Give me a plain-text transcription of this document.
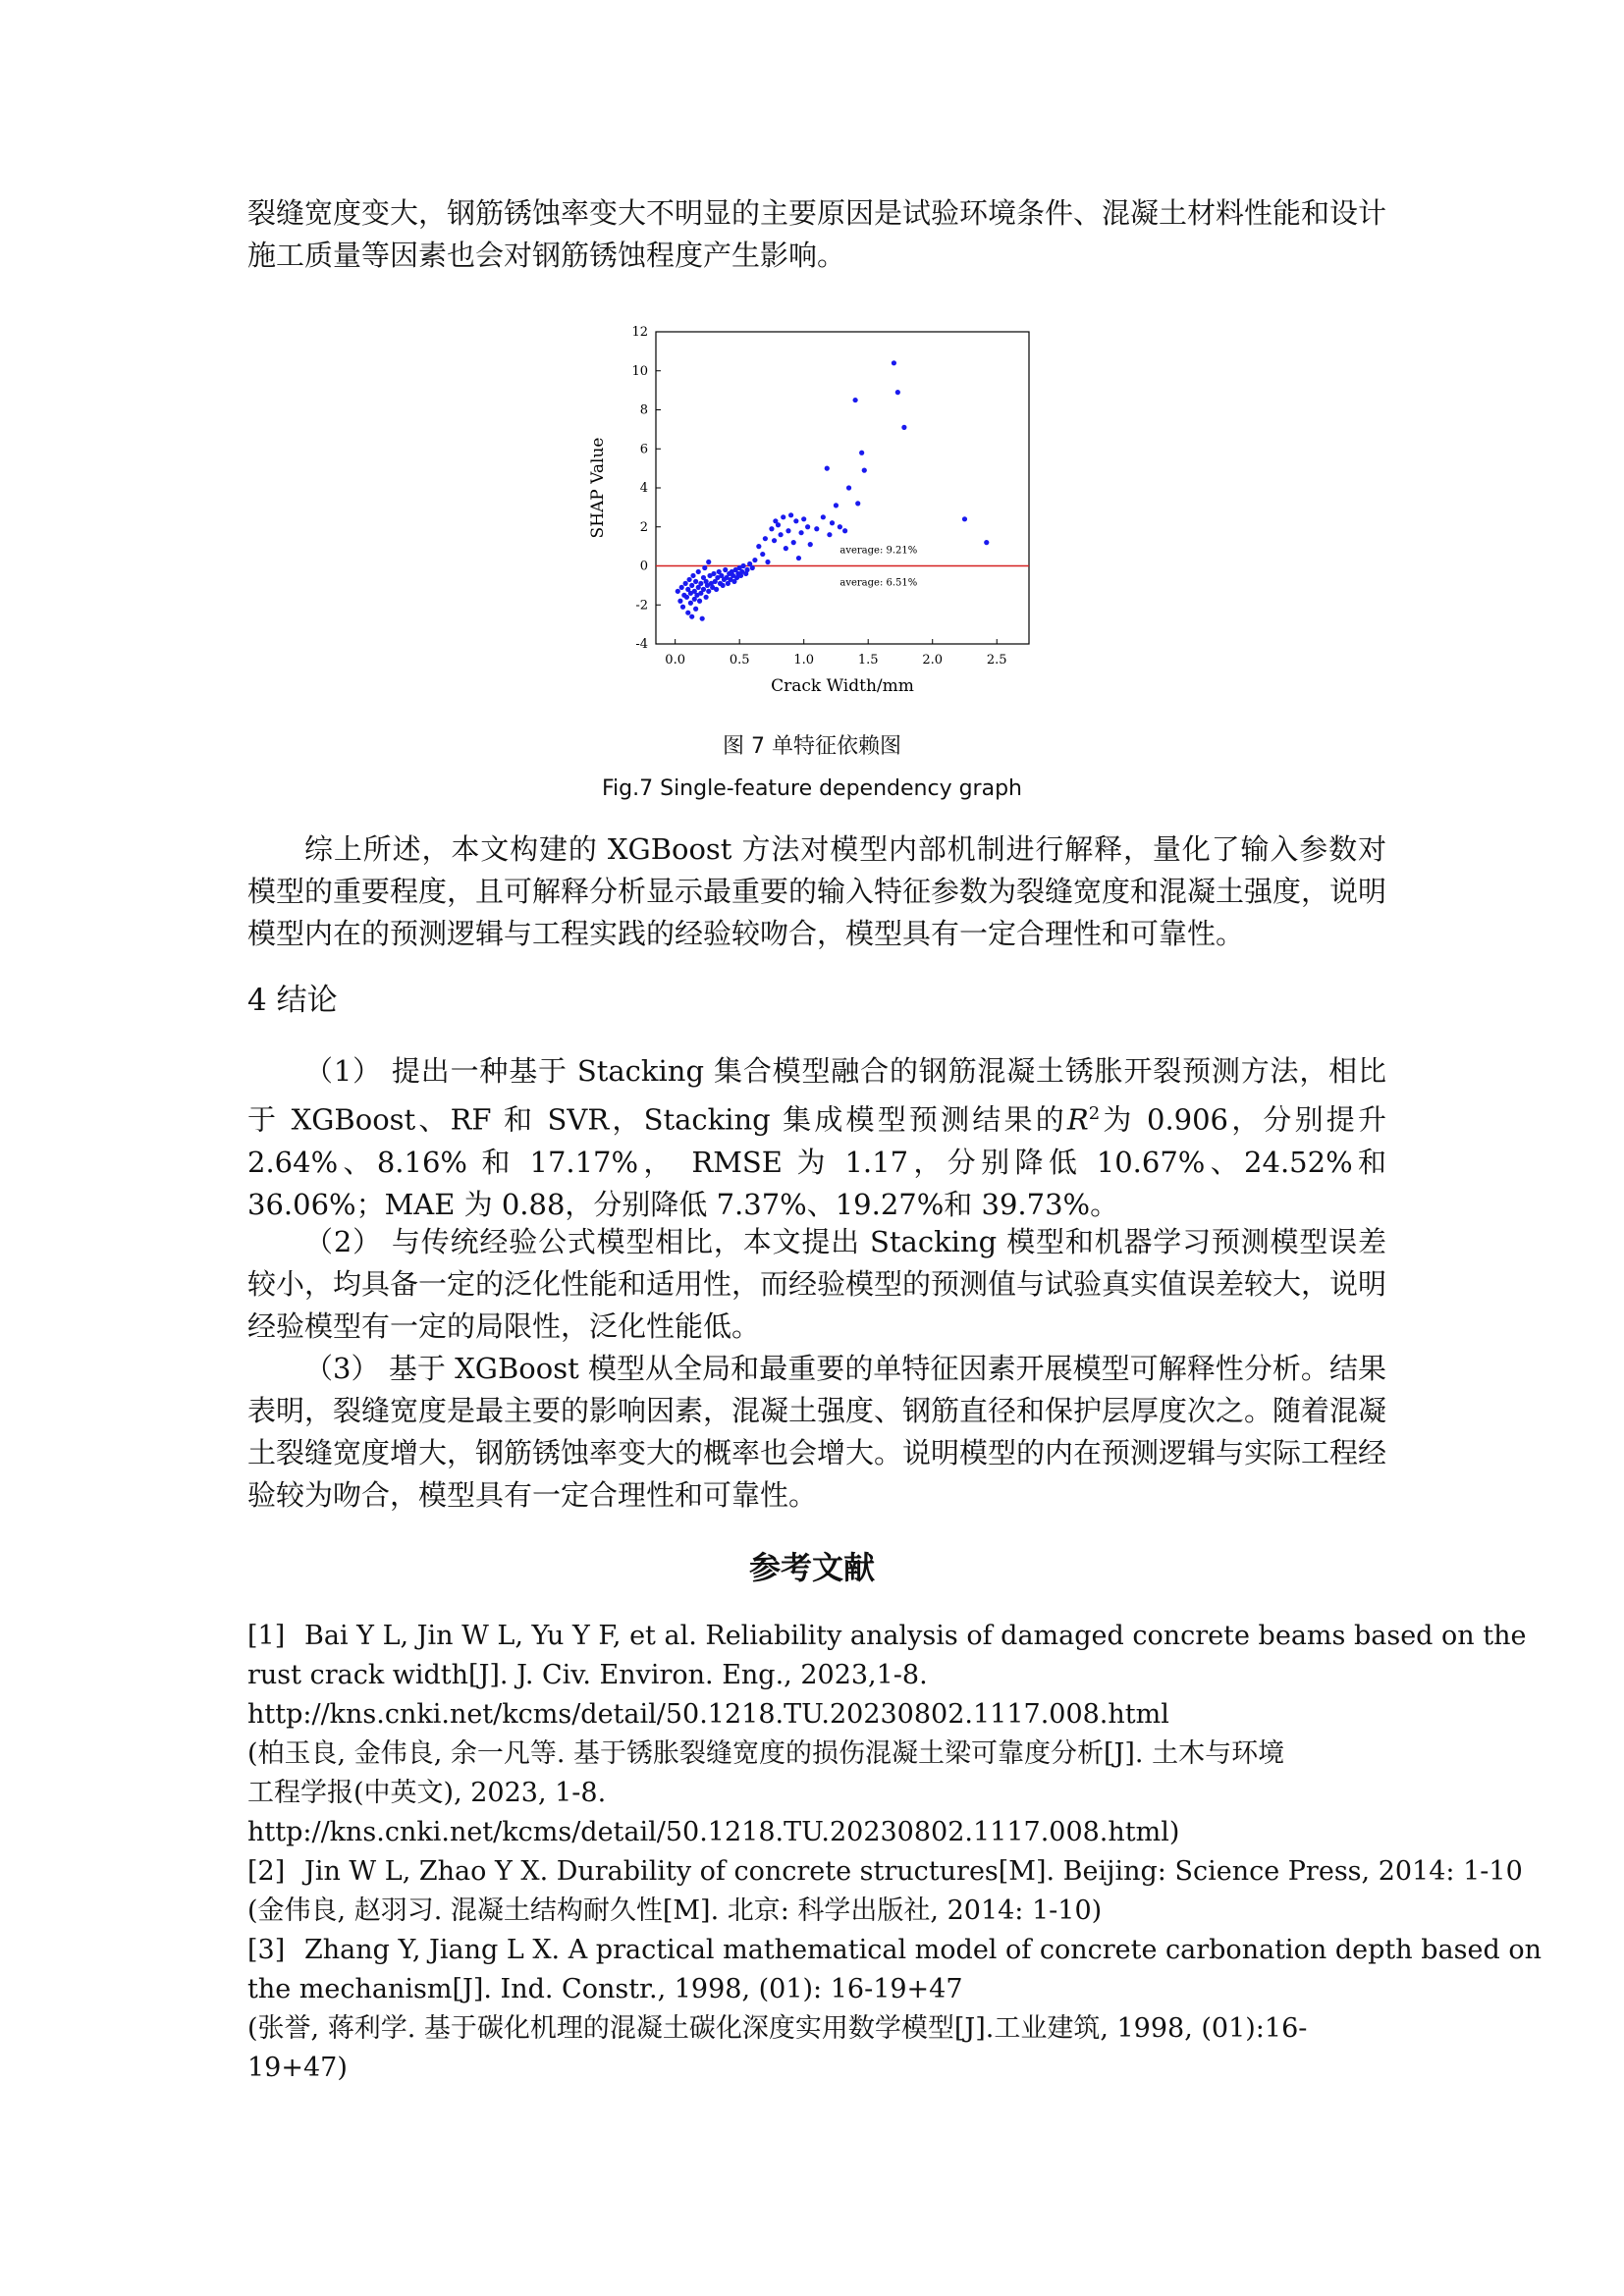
裂缝宽度变大，钢筋锈蚀率变大不明显的主要原因是试验环境条件、混凝土材料性能和设计施工质量等因素也会对钢筋锈蚀程度产生影响。

0.0	0.5	1.0	1.5	2.0	2.5
-4
-2
0
2
4
6
8
10
12
average: 9.21%
average: 6.51%
Crack Width/mm
SHAP Value
图 7 单特征依赖图
Fig.7 Single-feature dependency graph

综上所述，本文构建的 XGBoost 方法对模型内部机制进行解释，量化了输入参数对模型的重要程度，且可解释分析显示最重要的输入特征参数为裂缝宽度和混凝土强度，说明模型内在的预测逻辑与工程实践的经验较吻合，模型具有一定合理性和可靠性。

4 结论

（1） 提出一种基于 Stacking 集合模型融合的钢筋混凝土锈胀开裂预测方法，相比于 XGBoost、RF 和 SVR，Stacking 集成模型预测结果的$R^2$为 0.906，分别提升 2.64%、8.16% 和 17.17%， RMSE 为 1.17，分别降低 10.67%、24.52%和 36.06%；MAE 为 0.88，分别降低 7.37%、19.27%和 39.73%。

（2） 与传统经验公式模型相比，本文提出 Stacking 模型和机器学习预测模型误差较小，均具备一定的泛化性能和适用性，而经验模型的预测值与试验真实值误差较大，说明经验模型有一定的局限性，泛化性能低。

（3） 基于 XGBoost 模型从全局和最重要的单特征因素开展模型可解释性分析。结果表明，裂缝宽度是最主要的影响因素，混凝土强度、钢筋直径和保护层厚度次之。随着混凝土裂缝宽度增大，钢筋锈蚀率变大的概率也会增大。说明模型的内在预测逻辑与实际工程经验较为吻合，模型具有一定合理性和可靠性。

参考文献
[1] Bai Y L, Jin W L, Yu Y F, et al. Reliability analysis of damaged concrete beams based on the
rust crack width[J]. J. Civ. Environ. Eng., 2023,1-8.
http://kns.cnki.net/kcms/detail/50.1218.TU.20230802.1117.008.html
(柏玉良, 金伟良, 余一凡等. 基于锈胀裂缝宽度的损伤混凝土梁可靠度分析[J]. 土木与环境
工程学报(中英文), 2023, 1-8.
http://kns.cnki.net/kcms/detail/50.1218.TU.20230802.1117.008.html)
[2] Jin W L, Zhao Y X. Durability of concrete structures[M]. Beijing: Science Press, 2014: 1-10
(金伟良, 赵羽习. 混凝土结构耐久性[M]. 北京: 科学出版社, 2014: 1-10)
[3] Zhang Y, Jiang L X. A practical mathematical model of concrete carbonation depth based on
the mechanism[J]. Ind. Constr., 1998, (01): 16-19+47
(张誉, 蒋利学. 基于碳化机理的混凝土碳化深度实用数学模型[J].工业建筑, 1998, (01):16-
19+47)
